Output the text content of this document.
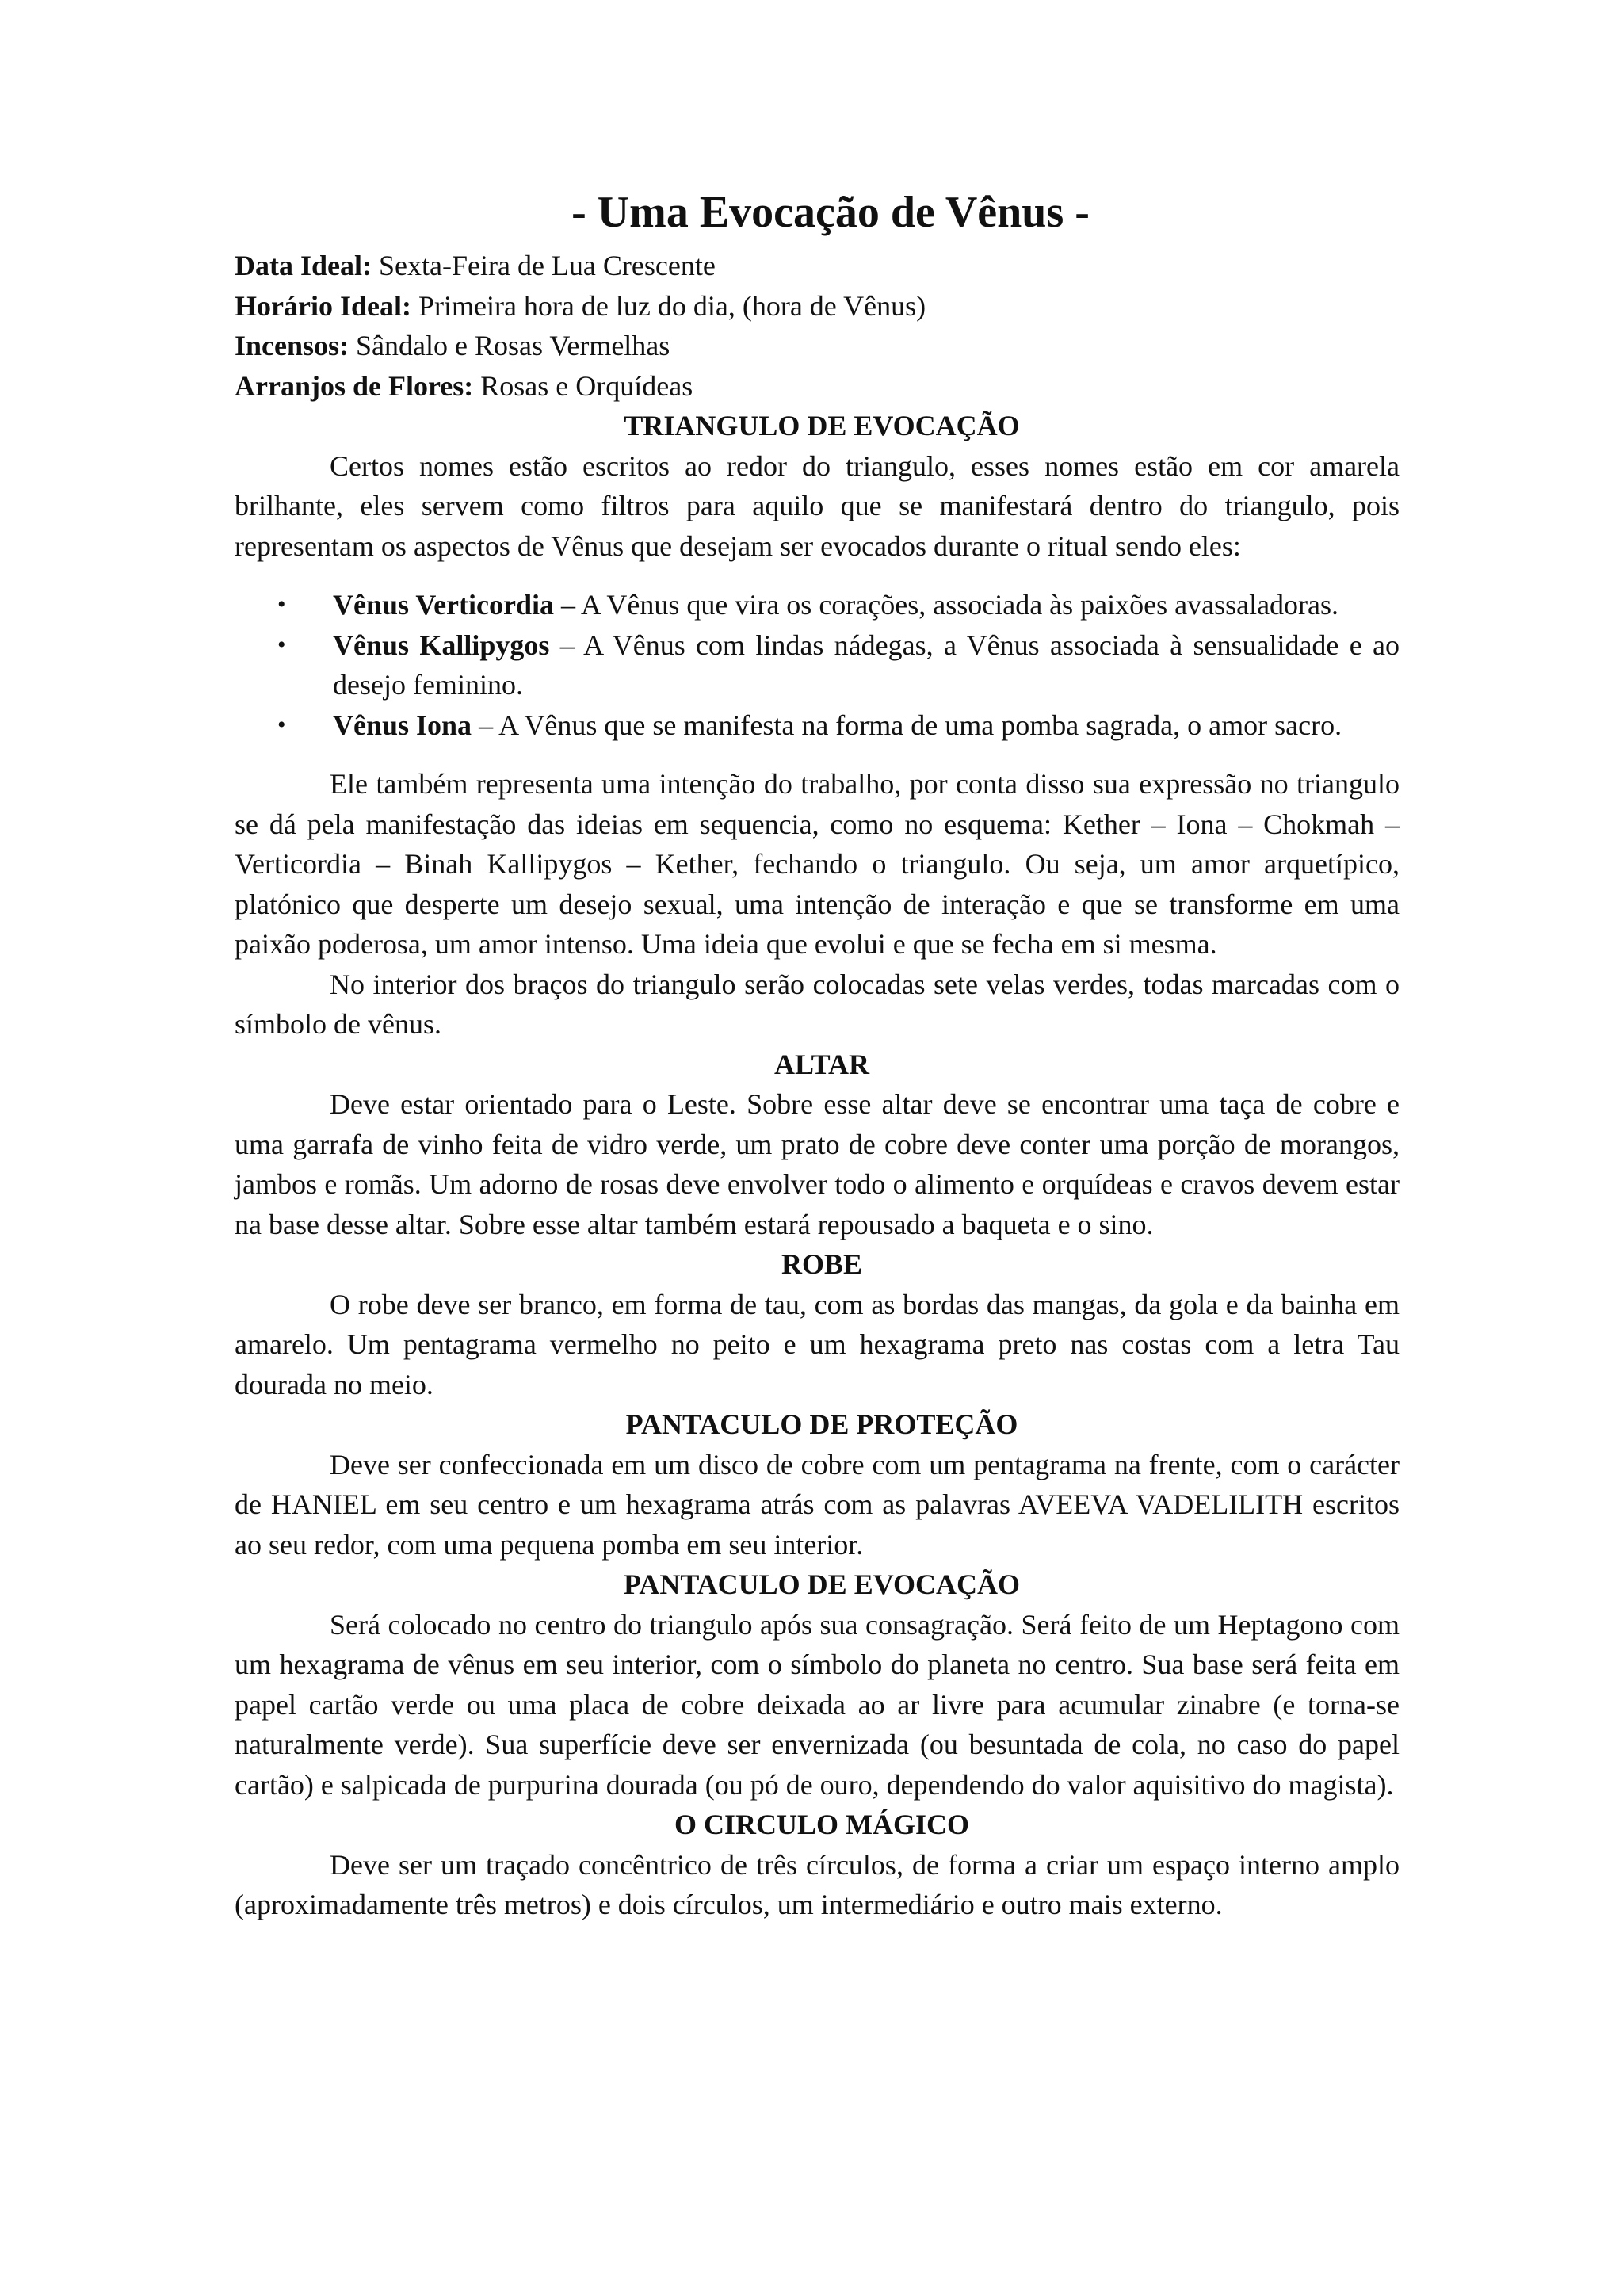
- Uma Evocação de Vênus -

Data Ideal: Sexta-Feira de Lua Crescente

Horário Ideal: Primeira hora de luz do dia, (hora de Vênus)

Incensos: Sândalo e Rosas Vermelhas

Arranjos de Flores: Rosas e Orquídeas

TRIANGULO DE EVOCAÇÃO

Certos nomes estão escritos ao redor do triangulo, esses nomes estão em cor amarela brilhante, eles servem como filtros para aquilo que se manifestará dentro do triangulo, pois representam os aspectos de Vênus que desejam ser evocados durante o ritual sendo eles:

• Vênus Verticordia – A Vênus que vira os corações, associada às paixões avassaladoras.
• Vênus Kallipygos – A Vênus com lindas nádegas, a Vênus associada à sensualidade e ao desejo feminino.
• Vênus Iona – A Vênus que se manifesta na forma de uma pomba sagrada, o amor sacro.

Ele também representa uma intenção do trabalho, por conta disso sua expressão no triangulo se dá pela manifestação das ideias em sequencia, como no esquema: Kether – Iona – Chokmah – Verticordia – Binah Kallipygos – Kether, fechando o triangulo. Ou seja, um amor arquetípico, platónico que desperte um desejo sexual, uma intenção de interação e que se transforme em uma paixão poderosa, um amor intenso. Uma ideia que evolui e que se fecha em si mesma.

No interior dos braços do triangulo serão colocadas sete velas verdes, todas marcadas com o símbolo de vênus.

ALTAR

Deve estar orientado para o Leste. Sobre esse altar deve se encontrar uma taça de cobre e uma garrafa de vinho feita de vidro verde, um prato de cobre deve conter uma porção de morangos, jambos e romãs. Um adorno de rosas deve envolver todo o alimento e orquídeas e cravos devem estar na base desse altar. Sobre esse altar também estará repousado a baqueta e o sino.

ROBE

O robe deve ser branco, em forma de tau, com as bordas das mangas, da gola e da bainha em amarelo. Um pentagrama vermelho no peito e um hexagrama preto nas costas com a letra Tau dourada no meio.

PANTACULO DE PROTEÇÃO

Deve ser confeccionada em um disco de cobre com um pentagrama na frente, com o carácter de HANIEL em seu centro e um hexagrama atrás com as palavras AVEEVA VADELILITH escritos ao seu redor, com uma pequena pomba em seu interior.

PANTACULO DE EVOCAÇÃO

Será colocado no centro do triangulo após sua consagração. Será feito de um Heptagono com um hexagrama de vênus em seu interior, com o símbolo do planeta no centro. Sua base será feita em papel cartão verde ou uma placa de cobre deixada ao ar livre para acumular zinabre (e torna-se naturalmente verde). Sua superfície deve ser envernizada (ou besuntada de cola, no caso do papel cartão) e salpicada de purpurina dourada (ou pó de ouro, dependendo do valor aquisitivo do magista).

O CIRCULO MÁGICO

Deve ser um traçado concêntrico de três círculos, de forma a criar um espaço interno amplo (aproximadamente três metros) e dois círculos, um intermediário e outro mais externo.
